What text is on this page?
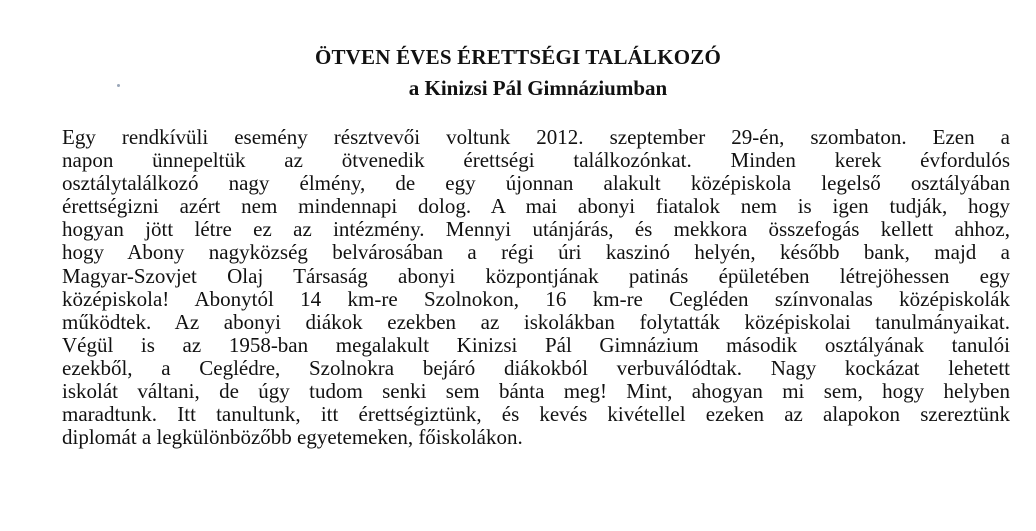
ÖTVEN ÉVES ÉRETTSÉGI TALÁLKOZÓ
a Kinizsi Pál Gimnáziumban
Egy rendkívüli esemény résztvevői voltunk 2012. szeptember 29-én, szombaton. Ezen a
napon ünnepeltük az ötvenedik érettségi találkozónkat. Minden kerek évfordulós
osztálytalálkozó nagy élmény, de egy újonnan alakult középiskola legelső osztályában
érettségizni azért nem mindennapi dolog. A mai abonyi fiatalok nem is igen tudják, hogy
hogyan jött létre ez az intézmény. Mennyi utánjárás, és mekkora összefogás kellett ahhoz,
hogy Abony nagyközség belvárosában a régi úri kaszinó helyén, később bank, majd a
Magyar-Szovjet Olaj Társaság abonyi központjának patinás épületében létrejöhessen egy
középiskola! Abonytól 14 km-re Szolnokon, 16 km-re Cegléden színvonalas középiskolák
működtek. Az abonyi diákok ezekben az iskolákban folytatták középiskolai tanulmányaikat.
Végül is az 1958-ban megalakult Kinizsi Pál Gimnázium második osztályának tanulói
ezekből, a Ceglédre, Szolnokra bejáró diákokból verbuválódtak. Nagy kockázat lehetett
iskolát váltani, de úgy tudom senki sem bánta meg! Mint, ahogyan mi sem, hogy helyben
maradtunk. Itt tanultunk, itt érettségiztünk, és kevés kivétellel ezeken az alapokon szereztünk
diplomát a legkülönbözőbb egyetemeken, főiskolákon.
